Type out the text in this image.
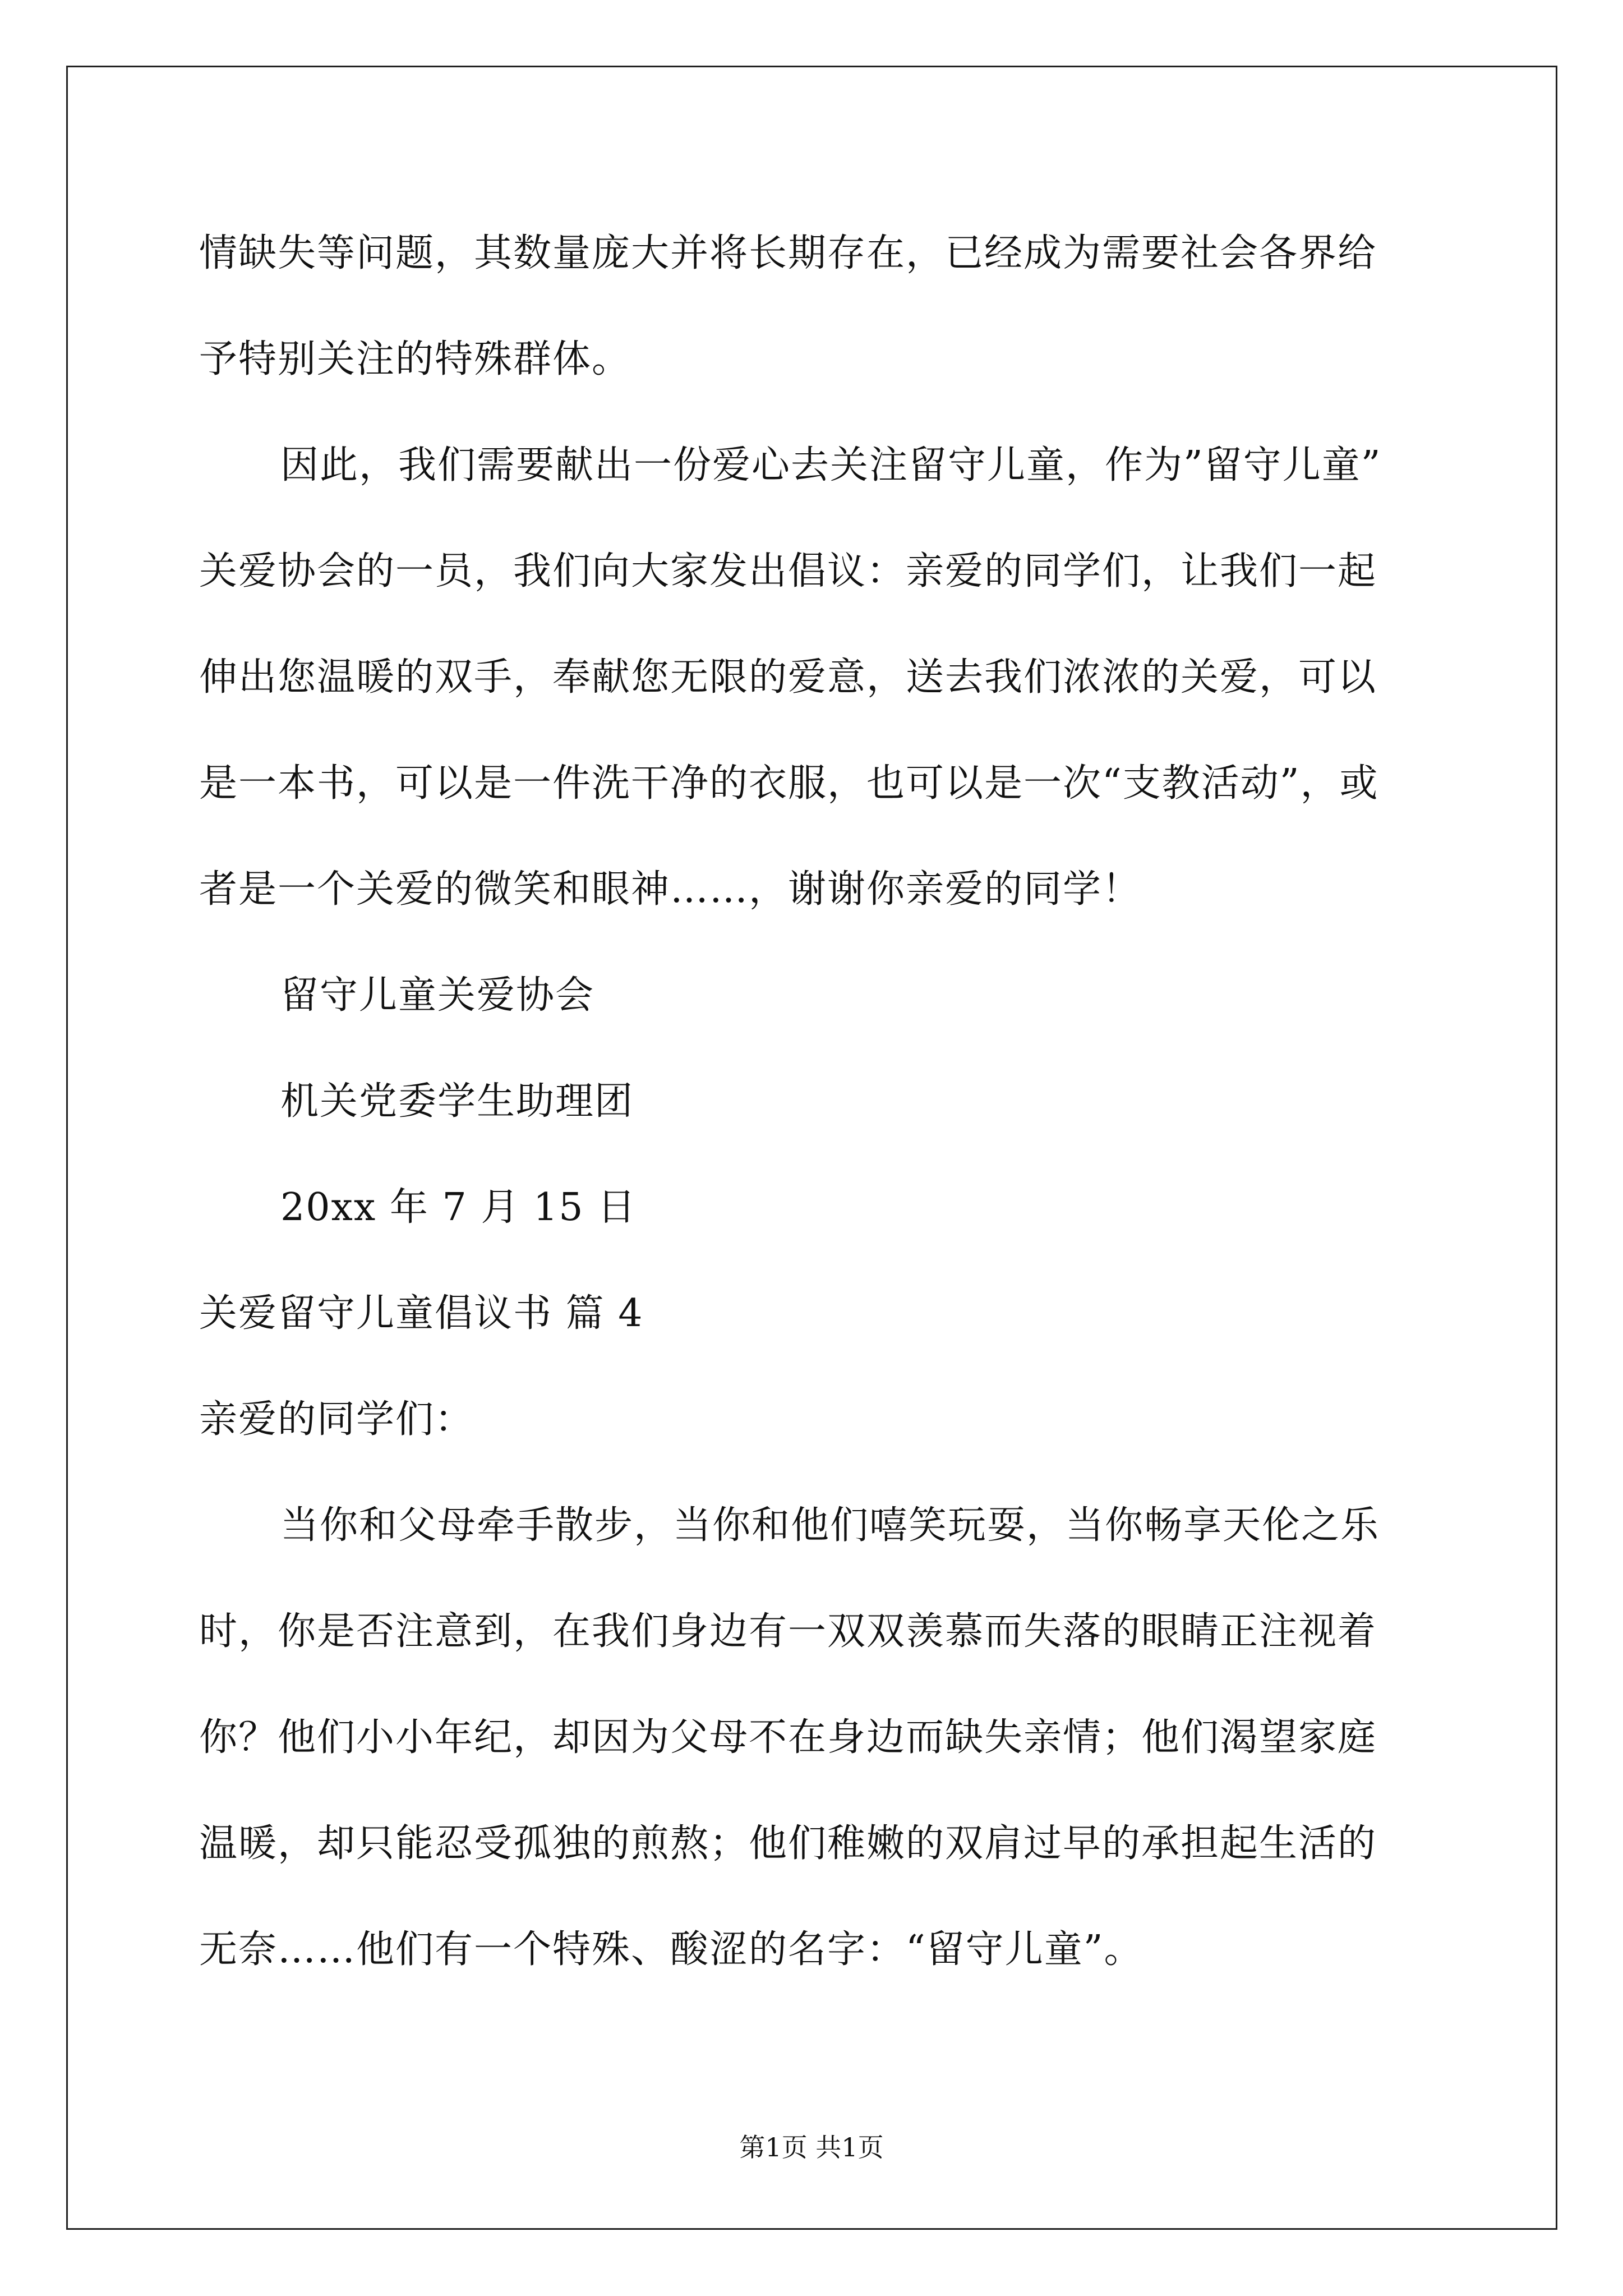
情缺失等问题，其数量庞大并将长期存在，已经成为需要社会各界给
予特别关注的特殊群体。
因此，我们需要献出一份爱心去关注留守儿童，作为”留守儿童”
关爱协会的一员，我们向大家发出倡议：亲爱的同学们，让我们一起
伸出您温暖的双手，奉献您无限的爱意，送去我们浓浓的关爱，可以
是一本书，可以是一件洗干净的衣服，也可以是一次“支教活动”，或
者是一个关爱的微笑和眼神……，谢谢你亲爱的同学！
留守儿童关爱协会
机关党委学生助理团
20xx 年 7 月 15 日
关爱留守儿童倡议书 篇 4
亲爱的同学们：
当你和父母牵手散步，当你和他们嘻笑玩耍，当你畅享天伦之乐
时，你是否注意到，在我们身边有一双双羡慕而失落的眼睛正注视着
你？他们小小年纪，却因为父母不在身边而缺失亲情；他们渴望家庭
温暖，却只能忍受孤独的煎熬；他们稚嫩的双肩过早的承担起生活的
无奈……他们有一个特殊、酸涩的名字：“留守儿童”。
第1页 共1页
